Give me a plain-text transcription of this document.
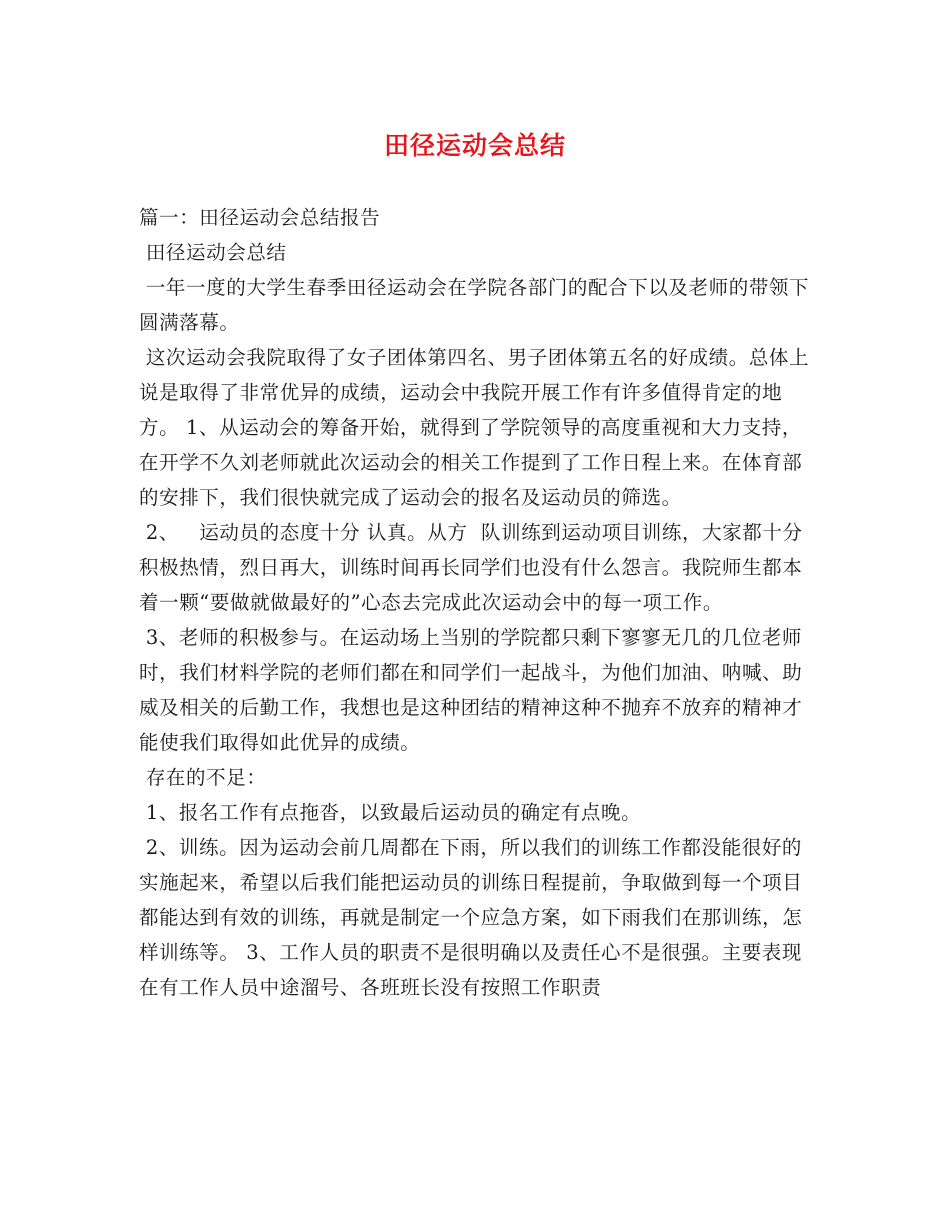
田径运动会总结

篇一：田径运动会总结报告

田径运动会总结

一年一度的大学生春季田径运动会在学院各部门的配合下以及老师的带领下圆满落幕。

这次运动会我院取得了女子团体第四名、男子团体第五名的好成绩。总体上说是取得了非常优异的成绩，运动会中我院开展工作有许多值得肯定的地方。 1、从运动会的筹备开始，就得到了学院领导的高度重视和大力支持，在开学不久刘老师就此次运动会的相关工作提到了工作日程上来。在体育部的安排下，我们很快就完成了运动会的报名及运动员的筛选。

2、   运动员的态度十分 认真。从方  队训练到运动项目训练，大家都十分积极热情，烈日再大，训练时间再长同学们也没有什么怨言。我院师生都本着一颗“要做就做最好的”心态去完成此次运动会中的每一项工作。

3、老师的积极参与。在运动场上当别的学院都只剩下寥寥无几的几位老师时，我们材料学院的老师们都在和同学们一起战斗，为他们加油、呐喊、助威及相关的后勤工作，我想也是这种团结的精神这种不抛弃不放弃的精神才能使我们取得如此优异的成绩。

存在的不足：

1、报名工作有点拖沓，以致最后运动员的确定有点晚。

2、训练。因为运动会前几周都在下雨，所以我们的训练工作都没能很好的实施起来，希望以后我们能把运动员的训练日程提前，争取做到每一个项目都能达到有效的训练，再就是制定一个应急方案，如下雨我们在那训练，怎样训练等。 3、工作人员的职责不是很明确以及责任心不是很强。主要表现在有工作人员中途溜号、各班班长没有按照工作职责
